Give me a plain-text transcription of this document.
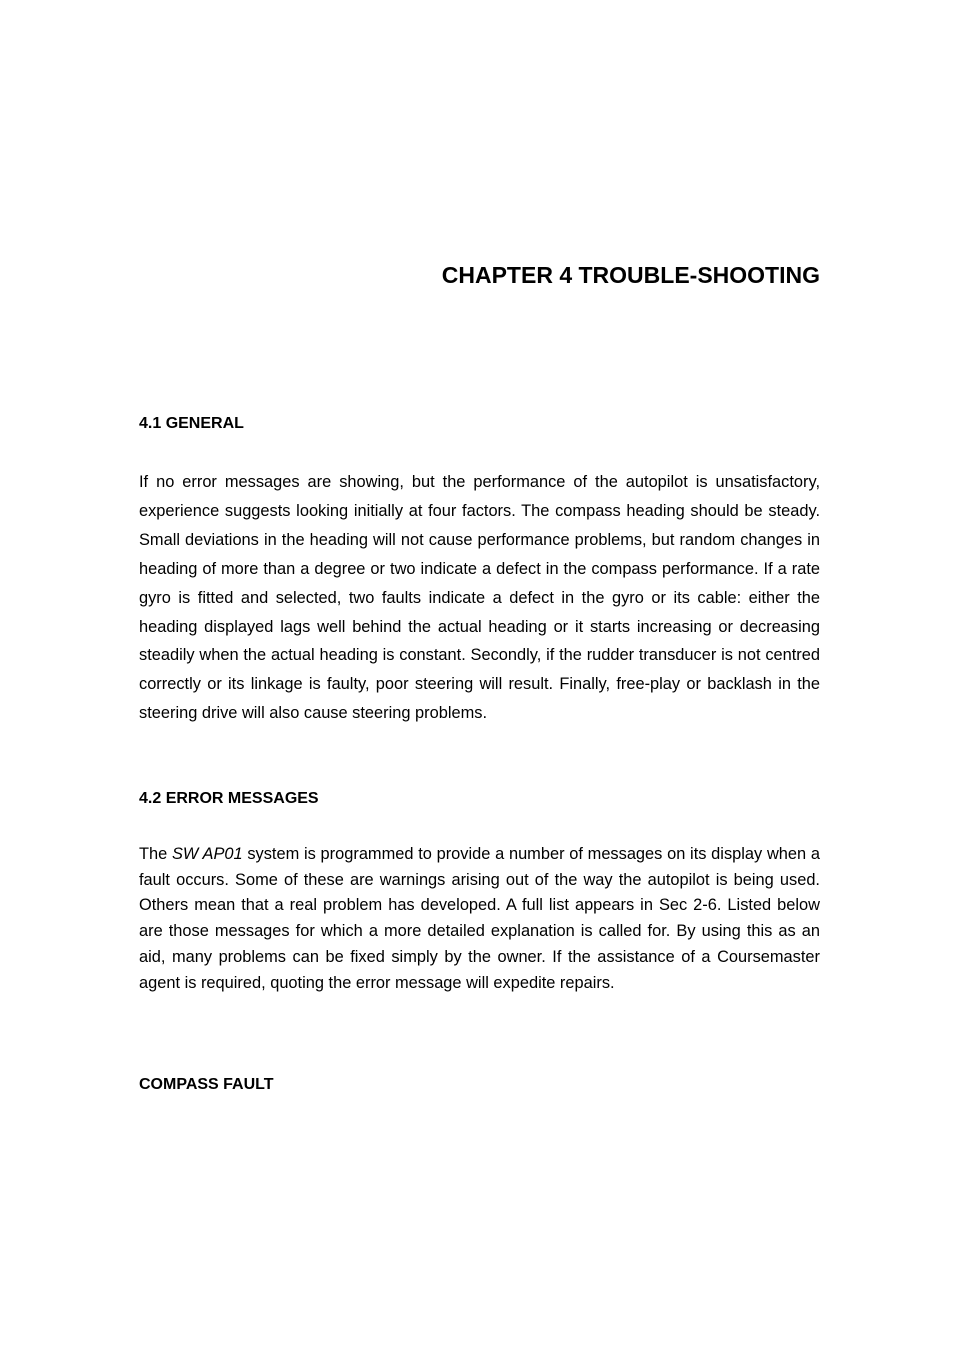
CHAPTER 4 TROUBLE-SHOOTING
4.1 GENERAL

If no error messages are showing, but the performance of the autopilot is unsatisfactory, experience suggests looking initially at four factors. The compass heading should be steady. Small deviations in the heading will not cause performance problems, but random changes in heading of more than a degree or two indicate a defect in the compass performance. If a rate gyro is fitted and selected, two faults indicate a defect in the gyro or its cable: either the heading displayed lags well behind the actual heading or it starts increasing or decreasing steadily when the actual heading is constant. Secondly, if the rudder transducer is not centred correctly or its linkage is faulty, poor steering will result. Finally, free-play or backlash in the steering drive will also cause steering problems.

4.2 ERROR MESSAGES

The SW AP01 system is programmed to provide a number of messages on its display when a fault occurs. Some of these are warnings arising out of the way the autopilot is being used. Others mean that a real problem has developed. A full list appears in Sec 2-6. Listed below are those messages for which a more detailed explanation is called for. By using this as an aid, many problems can be fixed simply by the owner. If the assistance of a Coursemaster agent is required, quoting the error message will expedite repairs.

COMPASS FAULT
